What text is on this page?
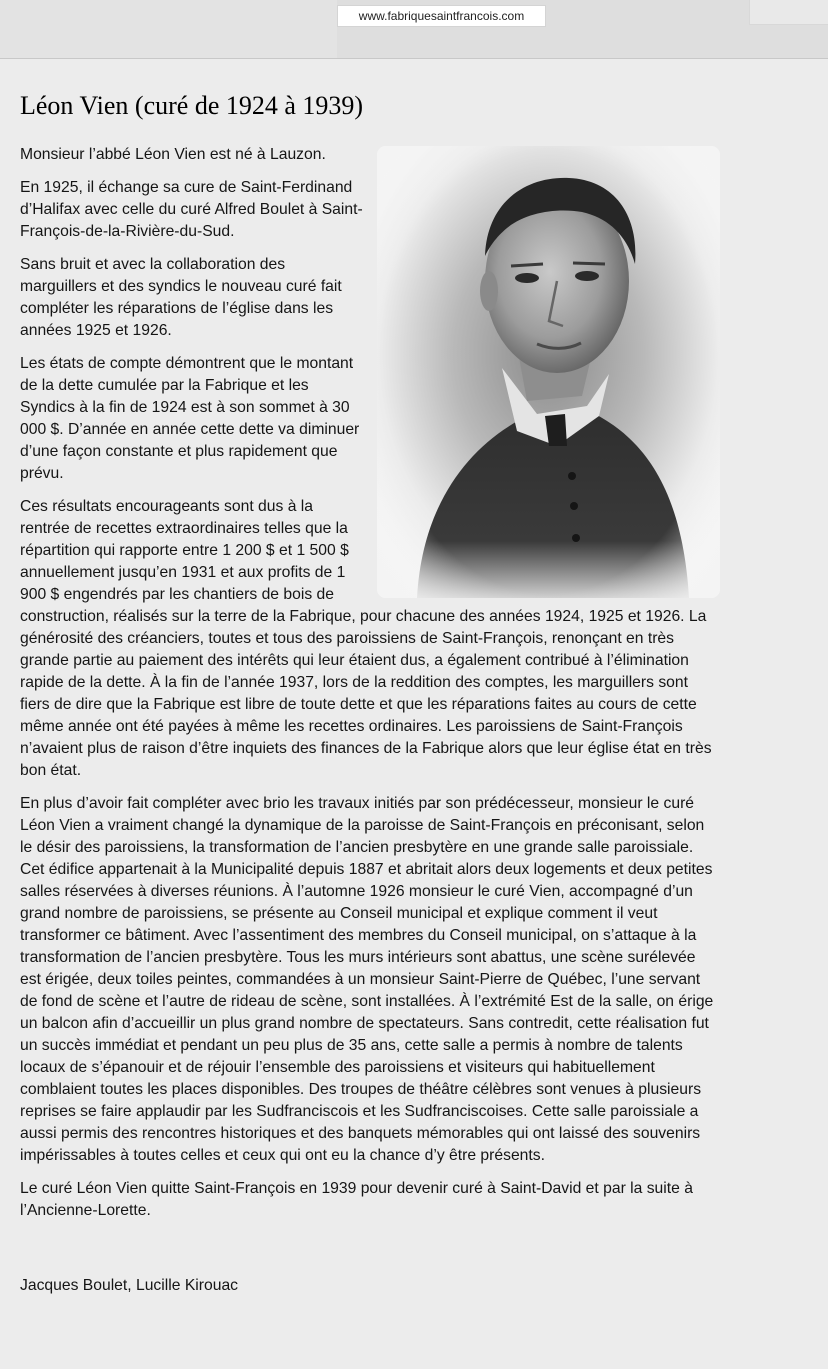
www.fabriquesaintfrancois.com
Léon Vien (curé de 1924 à 1939)

Monsieur l’abbé Léon Vien est né à Lauzon.

En 1925, il échange sa cure de Saint-Ferdinand d’Halifax avec celle du curé Alfred Boulet à Saint-François-de-la-Rivière-du-Sud.

Sans bruit et avec la collaboration des marguillers et des syndics le nouveau curé fait compléter les réparations de l’église dans les années 1925 et 1926.

Les états de compte démontrent que le montant de la dette cumulée par la Fabrique et les Syndics à la fin de 1924 est à son sommet à 30 000 $. D’année en année cette dette va diminuer d’une façon constante et plus rapidement que prévu.

Ces résultats encourageants sont dus à la rentrée de recettes extraordinaires telles que la répartition qui rapporte entre 1 200 $ et 1 500 $ annuellement jusqu’en 1931 et aux profits de 1 900 $ engendrés par les chantiers de bois de construction, réalisés sur la terre de la Fabrique, pour chacune des années 1924, 1925 et 1926. La générosité des créanciers, toutes et tous des paroissiens de Saint-François, renonçant en très grande partie au paiement des intérêts qui leur étaient dus, a également contribué à l’élimination rapide de la dette. À la fin de l’année 1937, lors de la reddition des comptes, les marguillers sont fiers de dire que la Fabrique est libre de toute dette et que les réparations faites au cours de cette même année ont été payées à même les recettes ordinaires. Les paroissiens de Saint-François n’avaient plus de raison d’être inquiets des finances de la Fabrique alors que leur église état en très bon état.

En plus d’avoir fait compléter avec brio les travaux initiés par son prédécesseur, monsieur le curé Léon Vien a vraiment changé la dynamique de la paroisse de Saint-François en préconisant, selon le désir des paroissiens, la transformation de l’ancien presbytère en une grande salle paroissiale. Cet édifice appartenait à la Municipalité depuis 1887 et abritait alors deux logements et deux petites salles réservées à diverses réunions. À l’automne 1926 monsieur le curé Vien, accompagné d’un grand nombre de paroissiens, se présente au Conseil municipal et explique comment il veut transformer ce bâtiment. Avec l’assentiment des membres du Conseil municipal, on s’attaque à la transformation de l’ancien presbytère. Tous les murs intérieurs sont abattus, une scène surélevée est érigée, deux toiles peintes, commandées à un monsieur Saint-Pierre de Québec, l’une servant de fond de scène et l’autre de rideau de scène, sont installées. À l’extrémité Est de la salle, on érige un balcon afin d’accueillir un plus grand nombre de spectateurs. Sans contredit, cette réalisation fut un succès immédiat et pendant un peu plus de 35 ans, cette salle a permis à nombre de talents locaux de s’épanouir et de réjouir l’ensemble des paroissiens et visiteurs qui habituellement comblaient toutes les places disponibles. Des troupes de théâtre célèbres sont venues à plusieurs reprises se faire applaudir par les Sudfranciscois et les Sudfranciscoises. Cette salle paroissiale a aussi permis des rencontres historiques et des banquets mémorables qui ont laissé des souvenirs impérissables à toutes celles et ceux qui ont eu la chance d’y être présents.

Le curé Léon Vien quitte Saint-François en 1939 pour devenir curé à Saint-David et par la suite à l’Ancienne-Lorette.

Jacques Boulet, Lucille Kirouac
